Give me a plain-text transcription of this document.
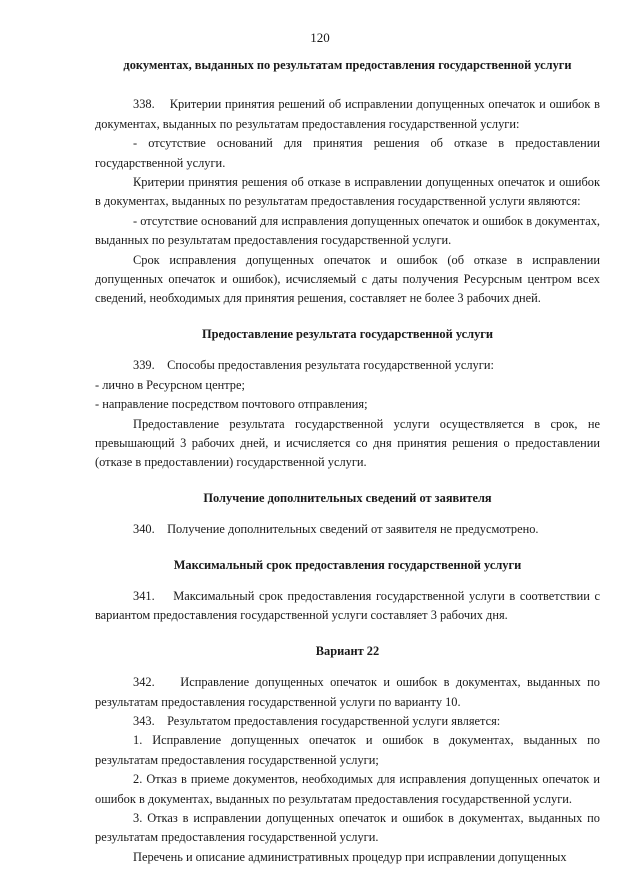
120

документах, выданных по результатам предоставления государственной услуги

338.    Критерии принятия решений об исправлении допущенных опечаток и ошибок в документах, выданных по результатам предоставления государственной услуги:

- отсутствие оснований для принятия решения об отказе в предоставлении государственной услуги.

Критерии принятия решения об отказе в исправлении допущенных опечаток и ошибок в документах, выданных по результатам предоставления государственной услуги являются:

- отсутствие оснований для исправления допущенных опечаток и ошибок в документах, выданных по результатам предоставления государственной услуги.

Срок исправления допущенных опечаток и ошибок (об отказе в исправлении допущенных опечаток и ошибок), исчисляемый с даты получения Ресурсным центром всех сведений, необходимых для принятия решения, составляет не более 3 рабочих дней.

Предоставление результата государственной услуги

339.    Способы предоставления результата государственной услуги:

- лично в Ресурсном центре;

- направление посредством почтового отправления;

Предоставление результата государственной услуги осуществляется в срок, не превышающий 3 рабочих дней, и исчисляется со дня принятия решения о предоставлении (отказе в предоставлении) государственной услуги.

Получение дополнительных сведений от заявителя

340.    Получение дополнительных сведений от заявителя не предусмотрено.

Максимальный срок предоставления государственной услуги

341.    Максимальный срок предоставления государственной услуги в соответствии с вариантом предоставления государственной услуги составляет 3 рабочих дня.

Вариант 22

342.    Исправление допущенных опечаток и ошибок в документах, выданных по результатам предоставления государственной услуги по варианту 10.

343.    Результатом предоставления государственной услуги является:

1. Исправление допущенных опечаток и ошибок в документах, выданных по результатам предоставления государственной услуги;

2. Отказ в приеме документов, необходимых для исправления допущенных опечаток и ошибок в документах, выданных по результатам предоставления государственной услуги.

3. Отказ в исправлении допущенных опечаток и ошибок в документах, выданных по результатам предоставления государственной услуги.

Перечень и описание административных процедур при исправлении допущенных
